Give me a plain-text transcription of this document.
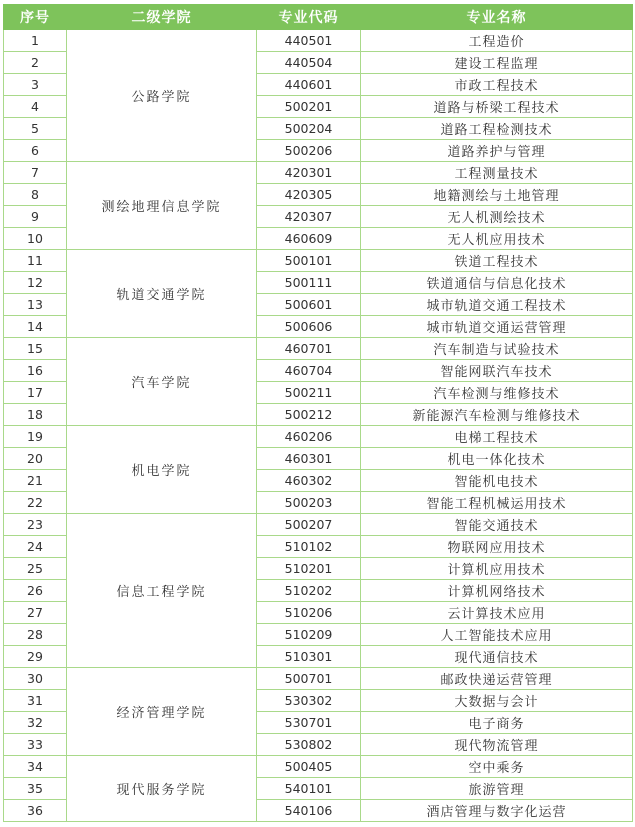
序号	二级学院	专业代码	专业名称
1	公路学院	440501	工程造价
2		440504	建设工程监理
3		440601	市政工程技术
4		500201	道路与桥梁工程技术
5		500204	道路工程检测技术
6		500206	道路养护与管理
7	测绘地理信息学院	420301	工程测量技术
8		420305	地籍测绘与土地管理
9		420307	无人机测绘技术
10		460609	无人机应用技术
11	轨道交通学院	500101	铁道工程技术
12		500111	铁道通信与信息化技术
13		500601	城市轨道交通工程技术
14		500606	城市轨道交通运营管理
15	汽车学院	460701	汽车制造与试验技术
16		460704	智能网联汽车技术
17		500211	汽车检测与维修技术
18		500212	新能源汽车检测与维修技术
19	机电学院	460206	电梯工程技术
20		460301	机电一体化技术
21		460302	智能机电技术
22		500203	智能工程机械运用技术
23	信息工程学院	500207	智能交通技术
24		510102	物联网应用技术
25		510201	计算机应用技术
26		510202	计算机网络技术
27		510206	云计算技术应用
28		510209	人工智能技术应用
29		510301	现代通信技术
30	经济管理学院	500701	邮政快递运营管理
31		530302	大数据与会计
32		530701	电子商务
33		530802	现代物流管理
34	现代服务学院	500405	空中乘务
35		540101	旅游管理
36		540106	酒店管理与数字化运营
